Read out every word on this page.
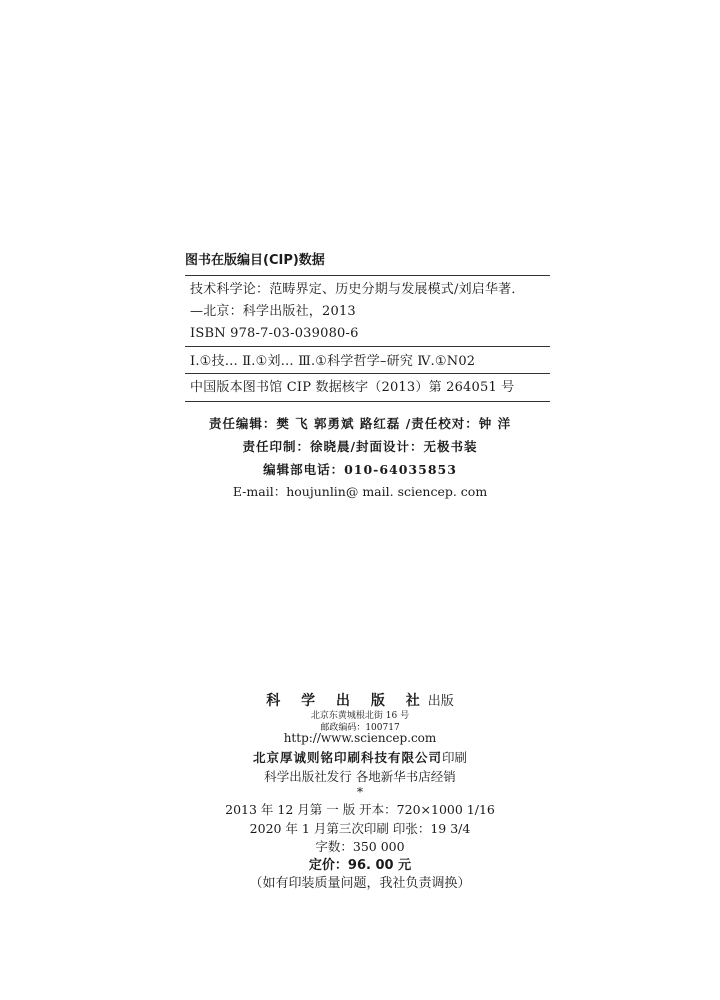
图书在版编目(CIP)数据
技术科学论：范畴界定、历史分期与发展模式/刘启华著．
—北京：科学出版社，2013
ISBN 978-7-03-039080-6
Ⅰ.①技… Ⅱ.①刘… Ⅲ.①科学哲学–研究 Ⅳ.①N02
中国版本图书馆 CIP 数据核字（2013）第 264051 号
责任编辑：樊 飞 郭勇斌 路红磊 /责任校对：钟 洋
责任印制：徐晓晨/封面设计：无极书装
编辑部电话：010-64035853
E-mail：houjunlin@ mail. sciencep. com
科 学 出 版 社出版
北京东黄城根北街 16 号
邮政编码：100717
http://www.sciencep.com
北京厚诚则铭印刷科技有限公司印刷
科学出版社发行 各地新华书店经销
*
2013 年 12 月第 一 版 开本：720×1000 1/16
2020 年 1 月第三次印刷 印张：19 3/4
字数：350 000
定价：96. 00 元
（如有印装质量问题，我社负责调换）
